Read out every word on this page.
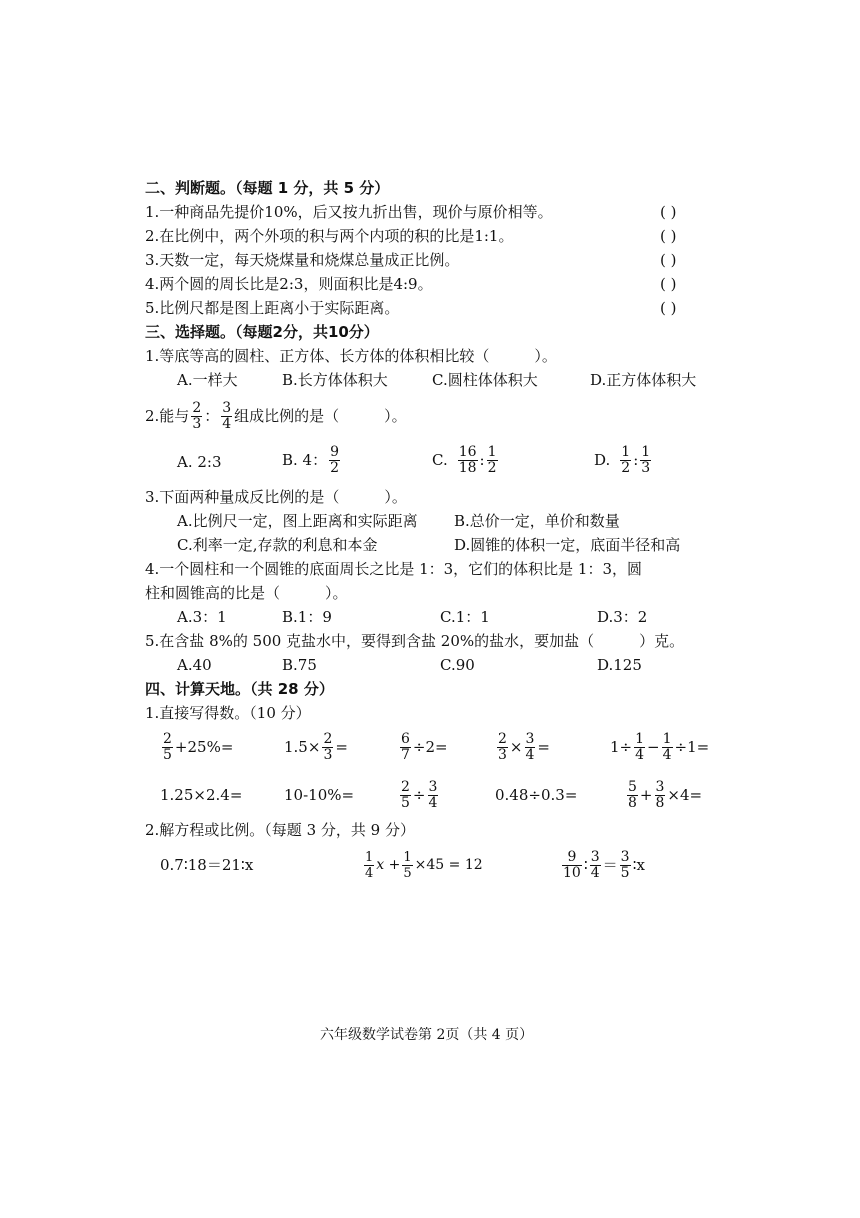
二、判断题。（每题 1 分，共 5 分）
1.一种商品先提价10%，后又按九折出售，现价与原价相等。	( )
2.在比例中，两个外项的积与两个内项的积的比是1:1。	( )
3.天数一定，每天烧煤量和烧煤总量成正比例。	( )
4.两个圆的周长比是2:3，则面积比是4:9。	( )
5.比例尺都是图上距离小于实际距离。	( )
三、选择题。（每题2分，共10分）
1.等底等高的圆柱、正方体、长方体的体积相比较（　　　）。
A.一样大	B.长方体体积大	C.圆柱体体积大	D.正方体体积大
2.能与 $\frac{2}{3}$ ： $\frac{3}{4}$ 组成比例的是（　　　）。
A. 2:3	B. 4： $\frac{9}{2}$	C. $\frac{16}{18}$ : $\frac{1}{2}$	D. $\frac{1}{2}$ : $\frac{1}{3}$
3.下面两种量成反比例的是（　　　）。
A.比例尺一定，图上距离和实际距离 B.总价一定，单价和数量
C.利率一定,存款的利息和本金	D.圆锥的体积一定，底面半径和高
4.一个圆柱和一个圆锥的底面周长之比是 1：3，它们的体积比是 1：3，圆
柱和圆锥高的比是（　　　）。
A.3：1	B.1：9	C.1：1	D.3：2
5.在含盐 8%的 500 克盐水中，要得到含盐 20%的盐水，要加盐（　　　）克。
A.40	B.75	C.90	D.125
四、计算天地。（共 28 分）
1.直接写得数。（10 分）
$\frac{2}{5} +25\%=$	$1.5\times \frac{2}{3}$ =	$\frac{6}{7} \div 2=$	$\frac{2}{3} \times \frac{3}{4}$ =	$1\div \frac{1}{4} - \frac{1}{4} \div 1=$
1.25×2.4=	10-10%=	$\frac{2}{5} \div \frac{3}{4}$	0.48÷0.3=	$\frac{5}{8} + \frac{3}{8} \times 4=$
2.解方程或比例。（每题 3 分，共 9 分）
0.7∶18＝21∶x	$\frac{1}{4}$ $x + \frac{1}{5} \times 45 = 12$	$\frac{9}{10}$ ∶ $\frac{3}{4} = \frac{3}{5}$ ∶x
六年级数学试卷第 2页（共 4 页）
